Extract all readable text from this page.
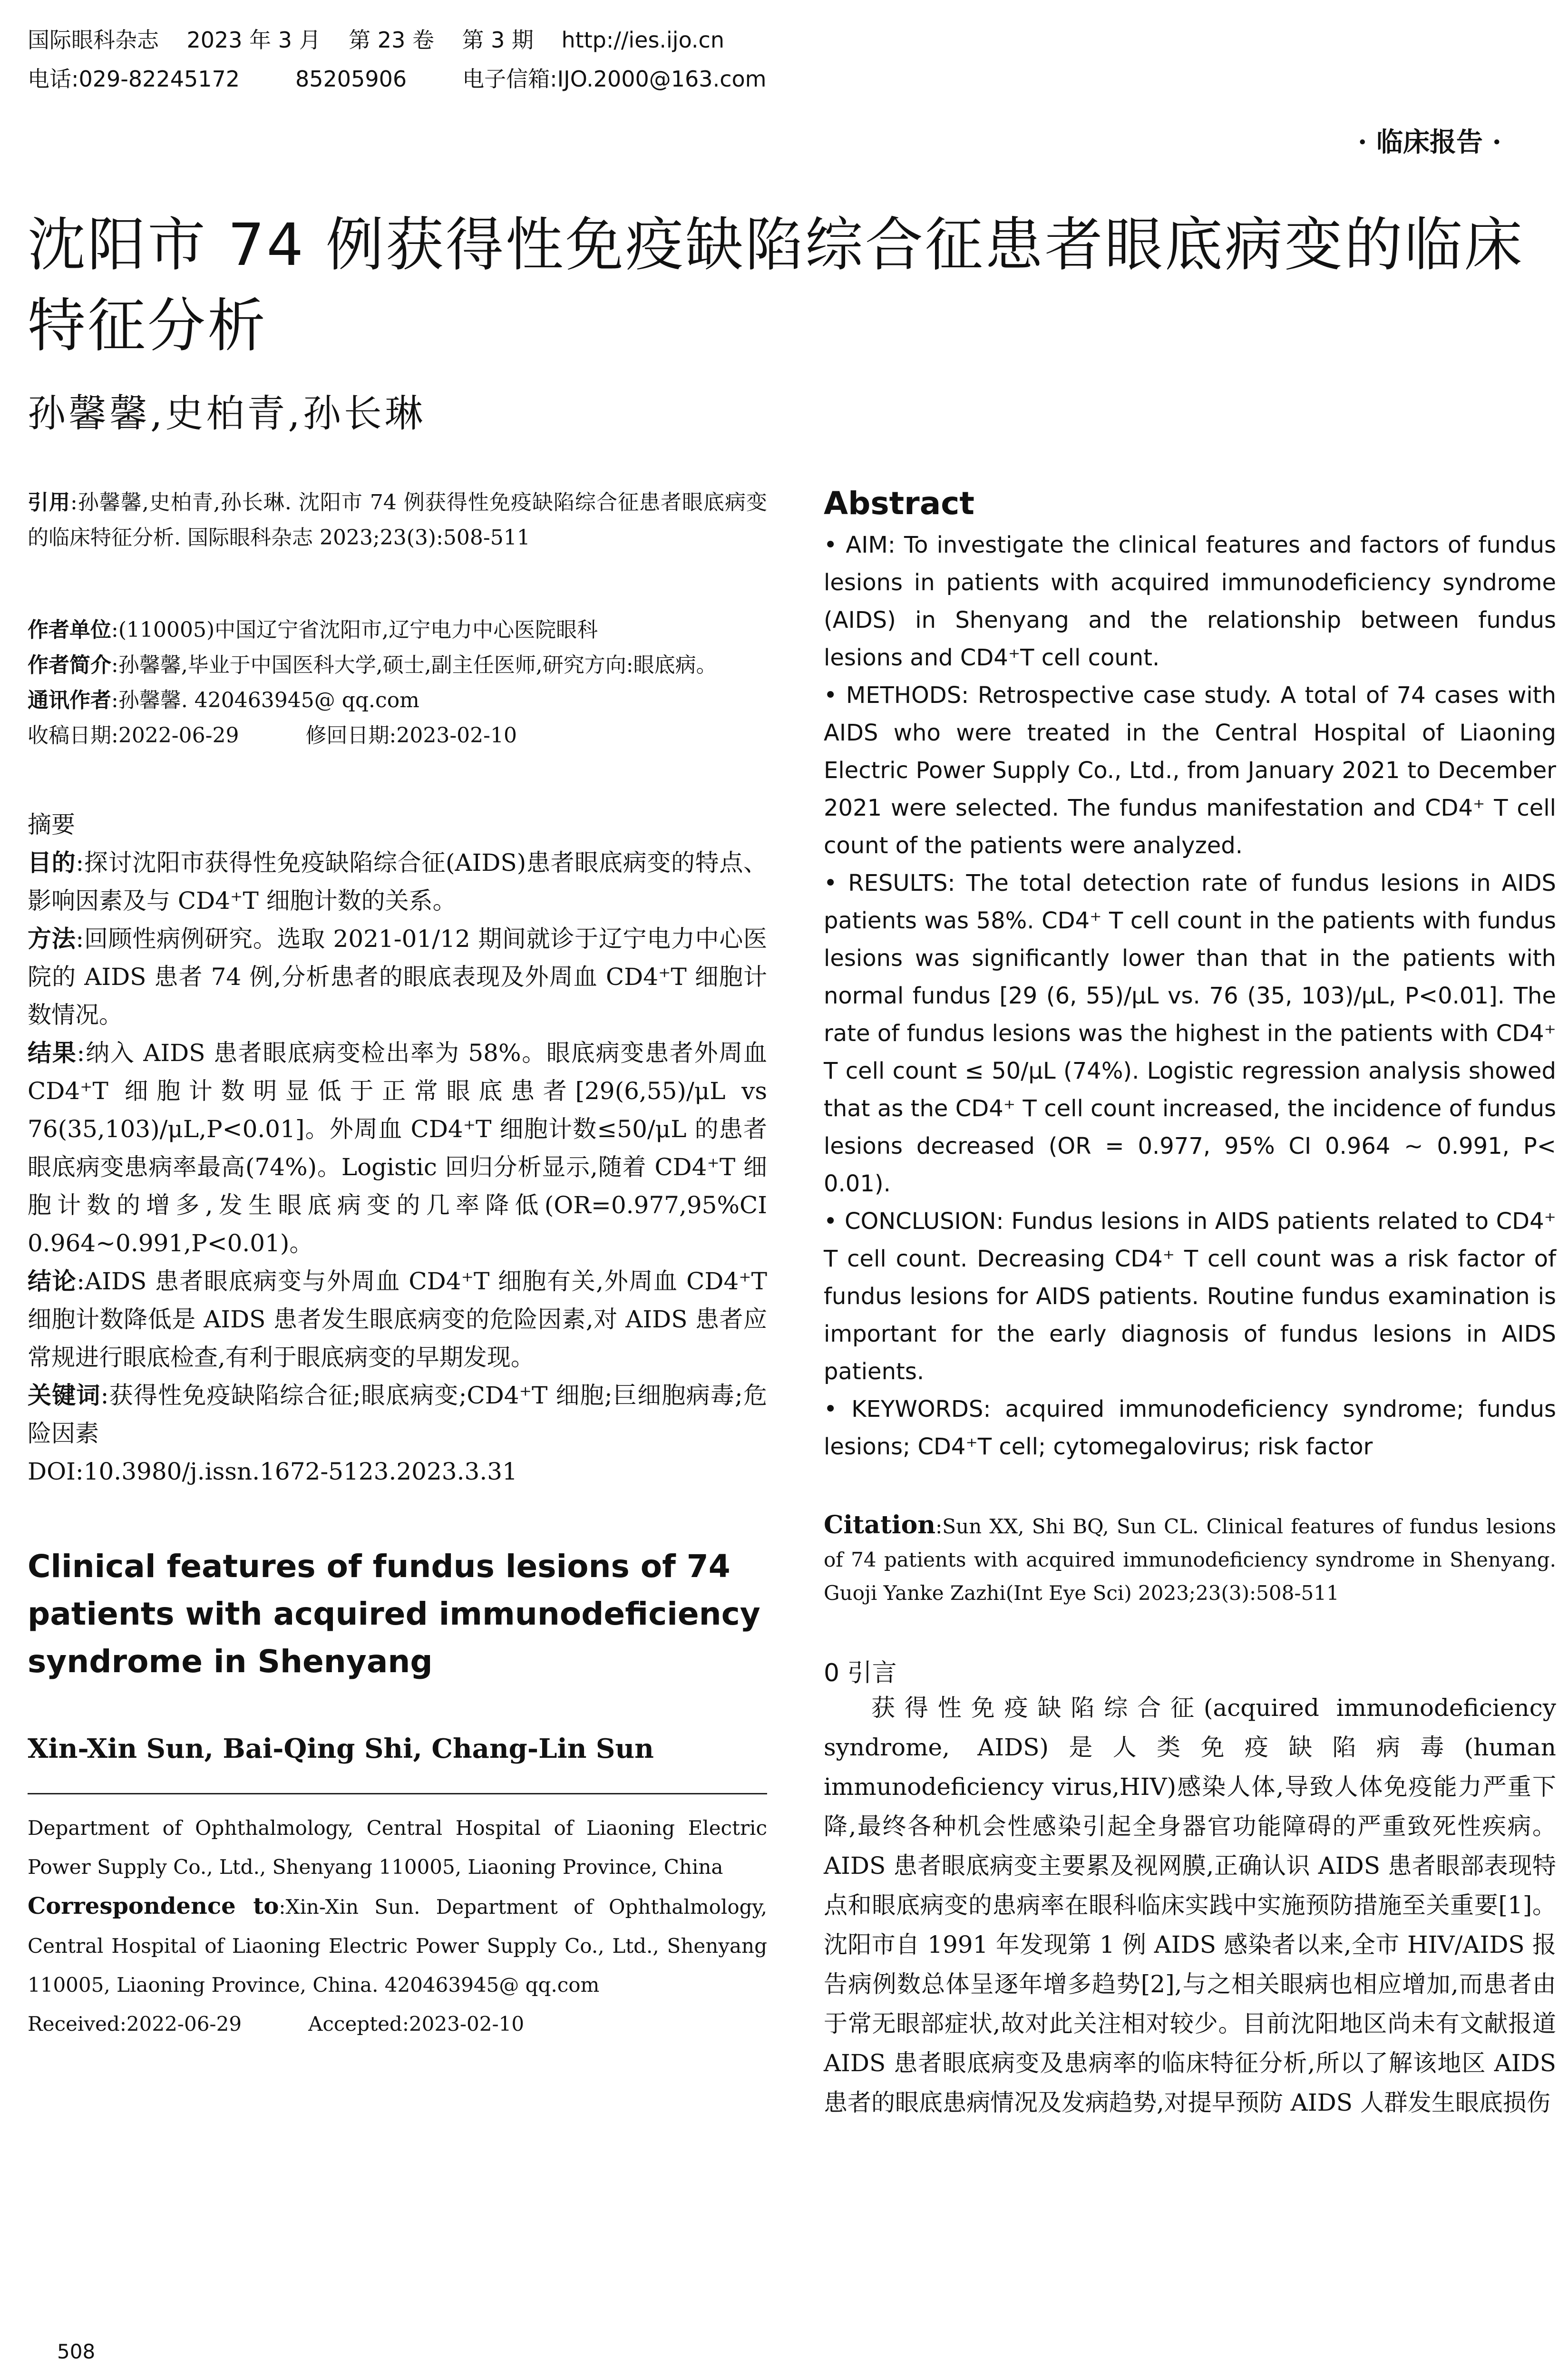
国际眼科杂志    2023 年 3 月    第 23 卷    第 3 期    http://ies.ijo.cn
电话:029-82245172        85205906        电子信箱:IJO.2000@163.com
· 临床报告 ·
沈阳市 74 例获得性免疫缺陷综合征患者眼底病变的临床特征分析
孙馨馨,史柏青,孙长琳

引用:孙馨馨,史柏青,孙长琳. 沈阳市 74 例获得性免疫缺陷综合征患者眼底病变的临床特征分析. 国际眼科杂志 2023;23(3):508-511

作者单位:(110005)中国辽宁省沈阳市,辽宁电力中心医院眼科

作者简介:孙馨馨,毕业于中国医科大学,硕士,副主任医师,研究方向:眼底病。

通讯作者:孙馨馨. 420463945@ qq.com

收稿日期:2022-06-29	修回日期:2023-02-10

摘要

目的:探讨沈阳市获得性免疫缺陷综合征(AIDS)患者眼底病变的特点、影响因素及与 CD4⁺T 细胞计数的关系。

方法:回顾性病例研究。选取 2021-01/12 期间就诊于辽宁电力中心医院的 AIDS 患者 74 例,分析患者的眼底表现及外周血 CD4⁺T 细胞计数情况。

结果:纳入 AIDS 患者眼底病变检出率为 58%。眼底病变患者外周血 CD4⁺T 细胞计数明显低于正常眼底患者[29(6,55)/μL vs 76(35,103)/μL,P<0.01]。外周血 CD4⁺T 细胞计数≤50/μL 的患者眼底病变患病率最高(74%)。Logistic 回归分析显示,随着 CD4⁺T 细胞计数的增多,发生眼底病变的几率降低(OR=0.977,95%CI 0.964~0.991,P<0.01)。

结论:AIDS 患者眼底病变与外周血 CD4⁺T 细胞有关,外周血 CD4⁺T 细胞计数降低是 AIDS 患者发生眼底病变的危险因素,对 AIDS 患者应常规进行眼底检查,有利于眼底病变的早期发现。

关键词:获得性免疫缺陷综合征;眼底病变;CD4⁺T 细胞;巨细胞病毒;危险因素

DOI:10.3980/j.issn.1672-5123.2023.3.31

Clinical features of fundus lesions of 74 patients with acquired immunodeficiency syndrome in Shenyang

Xin-Xin Sun, Bai-Qing Shi, Chang-Lin Sun

Department of Ophthalmology, Central Hospital of Liaoning Electric Power Supply Co., Ltd., Shenyang 110005, Liaoning Province, China

Correspondence to:Xin-Xin Sun. Department of Ophthalmology, Central Hospital of Liaoning Electric Power Supply Co., Ltd., Shenyang 110005, Liaoning Province, China. 420463945@ qq.com

Received:2022-06-29	Accepted:2023-02-10

Abstract

• AIM: To investigate the clinical features and factors of fundus lesions in patients with acquired immunodeficiency syndrome (AIDS) in Shenyang and the relationship between fundus lesions and CD4⁺T cell count.

• METHODS: Retrospective case study. A total of 74 cases with AIDS who were treated in the Central Hospital of Liaoning Electric Power Supply Co., Ltd., from January 2021 to December 2021 were selected. The fundus manifestation and CD4⁺ T cell count of the patients were analyzed.

• RESULTS: The total detection rate of fundus lesions in AIDS patients was 58%. CD4⁺ T cell count in the patients with fundus lesions was significantly lower than that in the patients with normal fundus [29 (6, 55)/μL vs. 76 (35, 103)/μL, P<0.01]. The rate of fundus lesions was the highest in the patients with CD4⁺ T cell count ≤ 50/μL (74%). Logistic regression analysis showed that as the CD4⁺ T cell count increased, the incidence of fundus lesions decreased (OR = 0.977, 95% CI 0.964 ~ 0.991, P< 0.01).

• CONCLUSION: Fundus lesions in AIDS patients related to CD4⁺ T cell count. Decreasing CD4⁺ T cell count was a risk factor of fundus lesions for AIDS patients. Routine fundus examination is important for the early diagnosis of fundus lesions in AIDS patients.

• KEYWORDS: acquired immunodeficiency syndrome; fundus lesions; CD4⁺T cell; cytomegalovirus; risk factor

Citation:Sun XX, Shi BQ, Sun CL. Clinical features of fundus lesions of 74 patients with acquired immunodeficiency syndrome in Shenyang. Guoji Yanke Zazhi(Int Eye Sci) 2023;23(3):508-511

0 引言

获得性免疫缺陷综合征(acquired immunodeficiency syndrome, AIDS)是人类免疫缺陷病毒(human immunodeficiency virus,HIV)感染人体,导致人体免疫能力严重下降,最终各种机会性感染引起全身器官功能障碍的严重致死性疾病。AIDS 患者眼底病变主要累及视网膜,正确认识 AIDS 患者眼部表现特点和眼底病变的患病率在眼科临床实践中实施预防措施至关重要[1]。沈阳市自 1991 年发现第 1 例 AIDS 感染者以来,全市 HIV/AIDS 报告病例数总体呈逐年增多趋势[2],与之相关眼病也相应增加,而患者由于常无眼部症状,故对此关注相对较少。目前沈阳地区尚未有文献报道 AIDS 患者眼底病变及患病率的临床特征分析,所以了解该地区 AIDS 患者的眼底患病情况及发病趋势,对提早预防 AIDS 人群发生眼底损伤

508
